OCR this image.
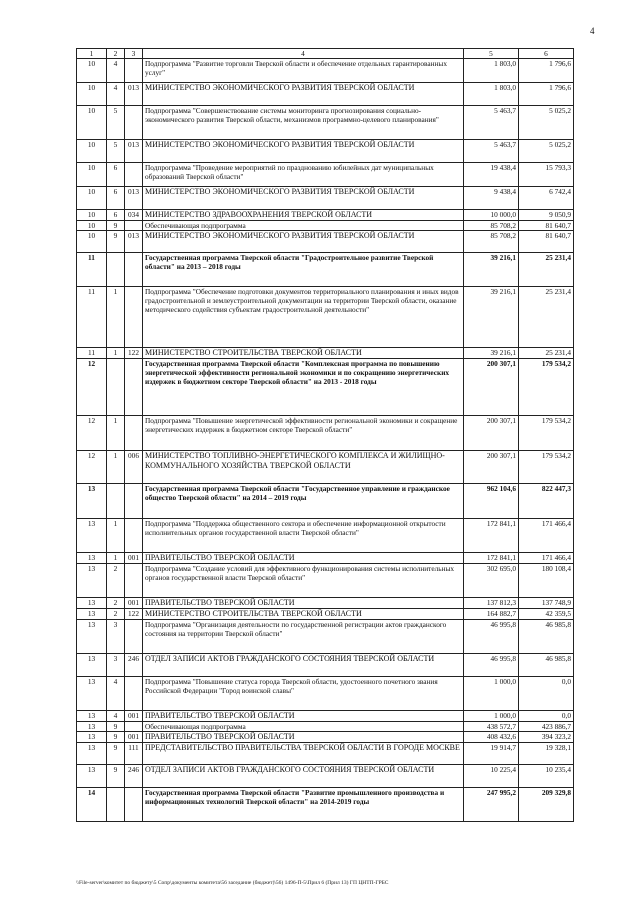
4
1	2	3	4	5	6
10	4		Подпрограмма "Развитие торговли Тверской области и обеспечение отдельных гарантированных услуг"	1 803,0	1 796,6
10	4	013	МИНИСТЕРСТВО ЭКОНОМИЧЕСКОГО РАЗВИТИЯ ТВЕРСКОЙ ОБЛАСТИ	1 803,0	1 796,6
10	5		Подпрограмма "Совершенствование системы мониторинга прогнозирования социально-экономического развития Тверской области, механизмов программно-целевого планирования"	5 463,7	5 025,2
10	5	013	МИНИСТЕРСТВО ЭКОНОМИЧЕСКОГО РАЗВИТИЯ ТВЕРСКОЙ ОБЛАСТИ	5 463,7	5 025,2
10	6		Подпрограмма "Проведение мероприятий по празднованию юбилейных дат муниципальных образований Тверской области"	19 438,4	15 793,3
10	6	013	МИНИСТЕРСТВО ЭКОНОМИЧЕСКОГО РАЗВИТИЯ ТВЕРСКОЙ ОБЛАСТИ	9 438,4	6 742,4
10	6	034	МИНИСТЕРСТВО ЗДРАВООХРАНЕНИЯ ТВЕРСКОЙ ОБЛАСТИ	10 000,0	9 050,9
10	9		Обеспечивающая подпрограмма	85 708,2	81 640,7
10	9	013	МИНИСТЕРСТВО ЭКОНОМИЧЕСКОГО РАЗВИТИЯ ТВЕРСКОЙ ОБЛАСТИ	85 708,2	81 640,7
11			Государственная программа Тверской области "Градостроительное развитие Тверской области" на 2013 – 2018 годы	39 216,1	25 231,4
11	1		Подпрограмма "Обеспечение подготовки документов территориального планирования и иных видов градостроительной и землеустроительной документации на территории Тверской области, оказание методического содействия субъектам градостроительной деятельности"	39 216,1	25 231,4
11	1	122	МИНИСТЕРСТВО СТРОИТЕЛЬСТВА ТВЕРСКОЙ ОБЛАСТИ	39 216,1	25 231,4
12			Государственная программа Тверской области "Комплексная программа по повышению энергетической эффективности региональной экономики и по сокращению энергетических издержек в бюджетном секторе Тверской области" на 2013 - 2018 годы	200 307,1	179 534,2
12	1		Подпрограмма "Повышение энергетической эффективности региональной экономики и сокращение энергетических издержек в бюджетном секторе Тверской области"	200 307,1	179 534,2
12	1	006	МИНИСТЕРСТВО ТОПЛИВНО-ЭНЕРГЕТИЧЕСКОГО КОМПЛЕКСА И ЖИЛИЩНО-КОММУНАЛЬНОГО ХОЗЯЙСТВА ТВЕРСКОЙ ОБЛАСТИ	200 307,1	179 534,2
13			Государственная программа Тверской области "Государственное управление и гражданское общество Тверской области" на 2014 – 2019 годы	962 104,6	822 447,3
13	1		Подпрограмма "Поддержка общественного сектора и обеспечение информационной открытости исполнительных органов государственной власти Тверской области"	172 841,1	171 466,4
13	1	001	ПРАВИТЕЛЬСТВО ТВЕРСКОЙ ОБЛАСТИ	172 841,1	171 466,4
13	2		Подпрограмма "Создание условий для эффективного функционирования системы исполнительных органов государственной власти Тверской области"	302 695,0	180 108,4
13	2	001	ПРАВИТЕЛЬСТВО ТВЕРСКОЙ ОБЛАСТИ	137 812,3	137 748,9
13	2	122	МИНИСТЕРСТВО СТРОИТЕЛЬСТВА ТВЕРСКОЙ ОБЛАСТИ	164 882,7	42 359,5
13	3		Подпрограмма "Организация деятельности по государственной регистрации актов гражданского состояния на территории Тверской области"	46 995,8	46 985,8
13	3	246	ОТДЕЛ ЗАПИСИ АКТОВ ГРАЖДАНСКОГО СОСТОЯНИЯ ТВЕРСКОЙ ОБЛАСТИ	46 995,8	46 985,8
13	4		Подпрограмма "Повышение статуса города Тверской области, удостоенного почетного звания Российской Федерации "Город воинской славы"	1 000,0	0,0
13	4	001	ПРАВИТЕЛЬСТВО ТВЕРСКОЙ ОБЛАСТИ	1 000,0	0,0
13	9		Обеспечивающая подпрограмма	438 572,7	423 886,7
13	9	001	ПРАВИТЕЛЬСТВО ТВЕРСКОЙ ОБЛАСТИ	408 432,6	394 323,2
13	9	111	ПРЕДСТАВИТЕЛЬСТВО ПРАВИТЕЛЬСТВА ТВЕРСКОЙ ОБЛАСТИ В ГОРОДЕ МОСКВЕ	19 914,7	19 328,1
13	9	246	ОТДЕЛ ЗАПИСИ АКТОВ ГРАЖДАНСКОГО СОСТОЯНИЯ ТВЕРСКОЙ ОБЛАСТИ	10 225,4	10 235,4
14			Государственная программа Тверской области "Развитие промышленного производства и информационных технологий Тверской области" на 2014-2019 годы	247 995,2	209 329,8
\\File-server\комитет по бюджету\5 Сопр\документы комитета\56 заседание (бюджет)\56) 1496-П-5\Прил 6 (Прил 13) ГП ЦНТП-ГРБС
